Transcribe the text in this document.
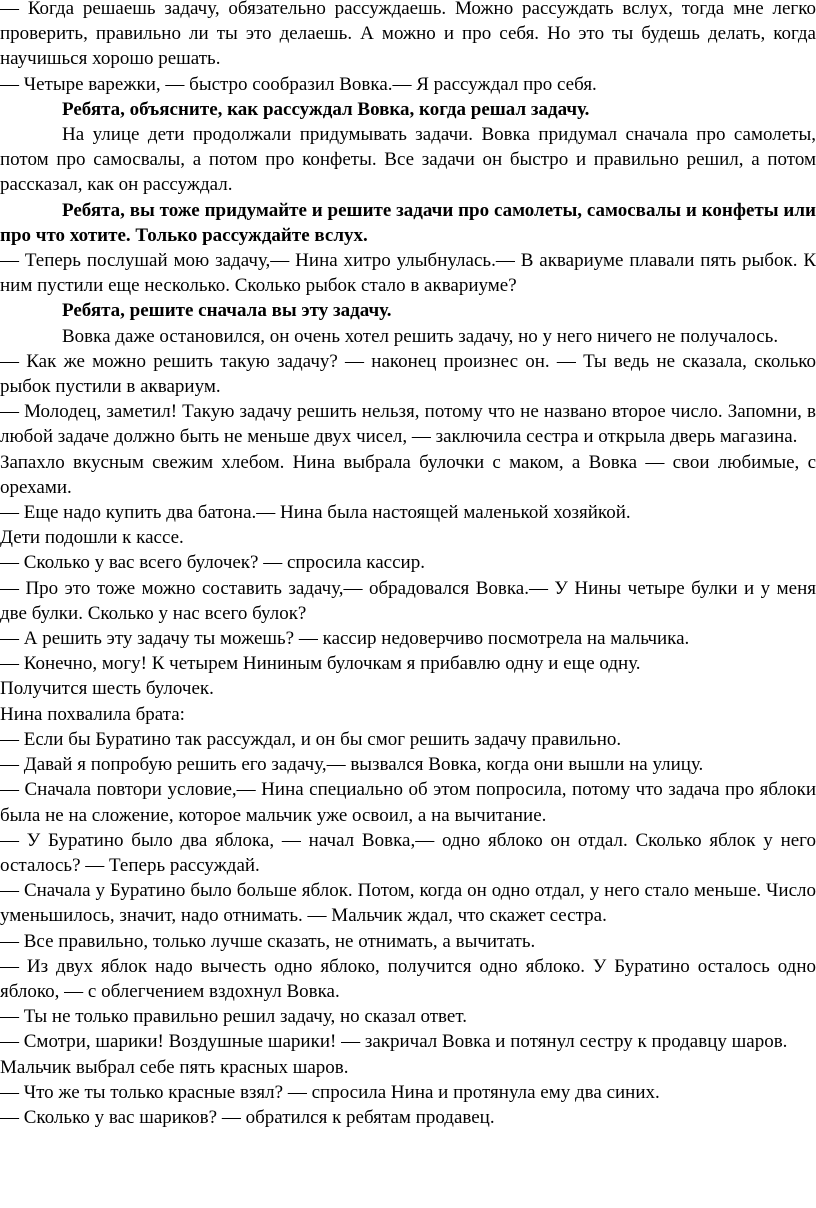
— Когда решаешь задачу, обязательно рассуждаешь. Можно рассуждать вслух, тогда мне легко проверить, правильно ли ты это делаешь. А можно и про себя. Но это ты будешь делать, когда научишься хорошо решать.

— Четыре варежки, — быстро сообразил Вовка.— Я рассуждал про себя.

Ребята, объясните, как рассуждал Вовка, когда решал задачу.

На улице дети продолжали придумывать задачи. Вовка придумал сначала про самолеты, потом про самосвалы, а потом про конфеты. Все задачи он быстро и правильно решил, а потом рассказал, как он рассуждал.

Ребята, вы тоже придумайте и решите задачи про самолеты, самосвалы и конфеты или про что хотите. Только рассуждайте вслух.

— Теперь послушай мою задачу,— Нина хитро улыбнулась.— В аквариуме плавали пять рыбок. К ним пустили еще несколько. Сколько рыбок стало в аквариуме?

Ребята, решите сначала вы эту задачу.

Вовка даже остановился, он очень хотел решить задачу, но у него ничего не получалось.

— Как же можно решить такую задачу? — наконец произнес он. — Ты ведь не сказала, сколько рыбок пустили в аквариум.

— Молодец, заметил! Такую задачу решить нельзя, потому что не названо второе число. Запомни, в любой задаче должно быть не меньше двух чисел, — заключила сестра и открыла дверь магазина.

Запахло вкусным свежим хлебом. Нина выбрала булочки с маком, а Вовка — свои любимые, с орехами.

— Еще надо купить два батона.— Нина была настоящей маленькой хозяйкой.

Дети подошли к кассе.

— Сколько у вас всего булочек? — спросила кассир.

— Про это тоже можно составить задачу,— обрадовался Вовка.— У Нины четыре булки и у меня две булки. Сколько у нас всего булок?

— А решить эту задачу ты можешь? — кассир недоверчиво посмотрела на мальчика.

— Конечно, могу! К четырем Нининым булочкам я прибавлю одну и еще одну.

Получится шесть булочек.

Нина похвалила брата:

— Если бы Буратино так рассуждал, и он бы смог решить задачу правильно.

— Давай я попробую решить его задачу,— вызвался Вовка, когда они вышли на улицу.

— Сначала повтори условие,— Нина специально об этом попросила, потому что задача про яблоки была не на сложение, которое мальчик уже освоил, а на вычитание.

— У Буратино было два яблока, — начал Вовка,— одно яблоко он отдал. Сколько яблок у него осталось? — Теперь рассуждай.

— Сначала у Буратино было больше яблок. Потом, когда он одно отдал, у него стало меньше. Число уменьшилось, значит, надо отнимать. — Мальчик ждал, что скажет сестра.

— Все правильно, только лучше сказать, не отнимать, а вычитать.

— Из двух яблок надо вычесть одно яблоко, получится одно яблоко. У Буратино осталось одно яблоко, — с облегчением вздохнул Вовка.

— Ты не только правильно решил задачу, но сказал ответ.

— Смотри, шарики! Воздушные шарики! — закричал Вовка и потянул сестру к продавцу шаров.

Мальчик выбрал себе пять красных шаров.

— Что же ты только красные взял? — спросила Нина и протянула ему два синих.

— Сколько у вас шариков? — обратился к ребятам продавец.
